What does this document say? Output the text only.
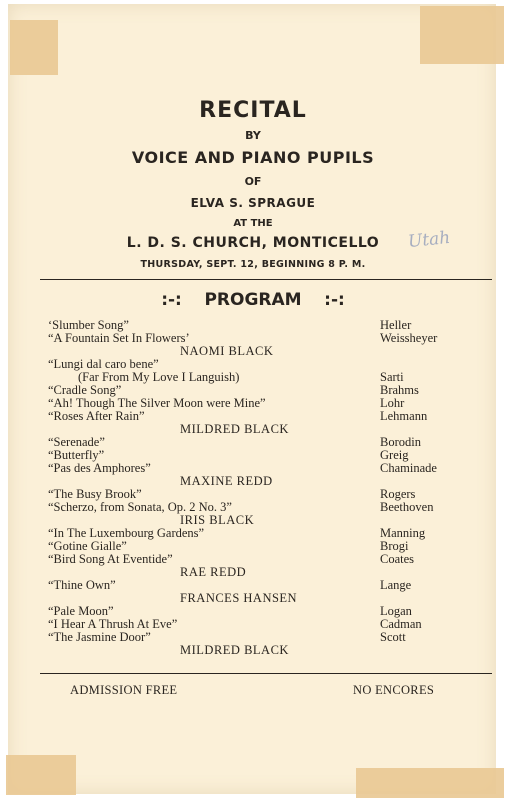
RECITAL
BY
VOICE AND PIANO PUPILS
OF
ELVA S. SPRAGUE
AT THE
L. D. S. CHURCH, MONTICELLO
THURSDAY, SEPT. 12, BEGINNING 8 P. M.
Utah
:-: PROGRAM :-:
‘Slumber Song”	Heller
“A Fountain Set In Flowers’	Weissheyer
NAOMI BLACK
“Lungi dal caro bene”
(Far From My Love I Languish)	Sarti
“Cradle Song”	Brahms
“Ah! Though The Silver Moon were Mine”	Lohr
“Roses After Rain”	Lehmann
MILDRED BLACK
“Serenade”	Borodin
“Butterfly”	Greig
“Pas des Amphores”	Chaminade
MAXINE REDD
“The Busy Brook”	Rogers
“Scherzo, from Sonata, Op. 2 No. 3”	Beethoven
IRIS BLACK
“In The Luxembourg Gardens”	Manning
“Gotine Gialle”	Brogi
“Bird Song At Eventide”	Coates
RAE REDD
“Thine Own”	Lange
FRANCES HANSEN
“Pale Moon”	Logan
“I Hear A Thrush At Eve”	Cadman
“The Jasmine Door”	Scott
MILDRED BLACK
ADMISSION FREE	NO ENCORES
